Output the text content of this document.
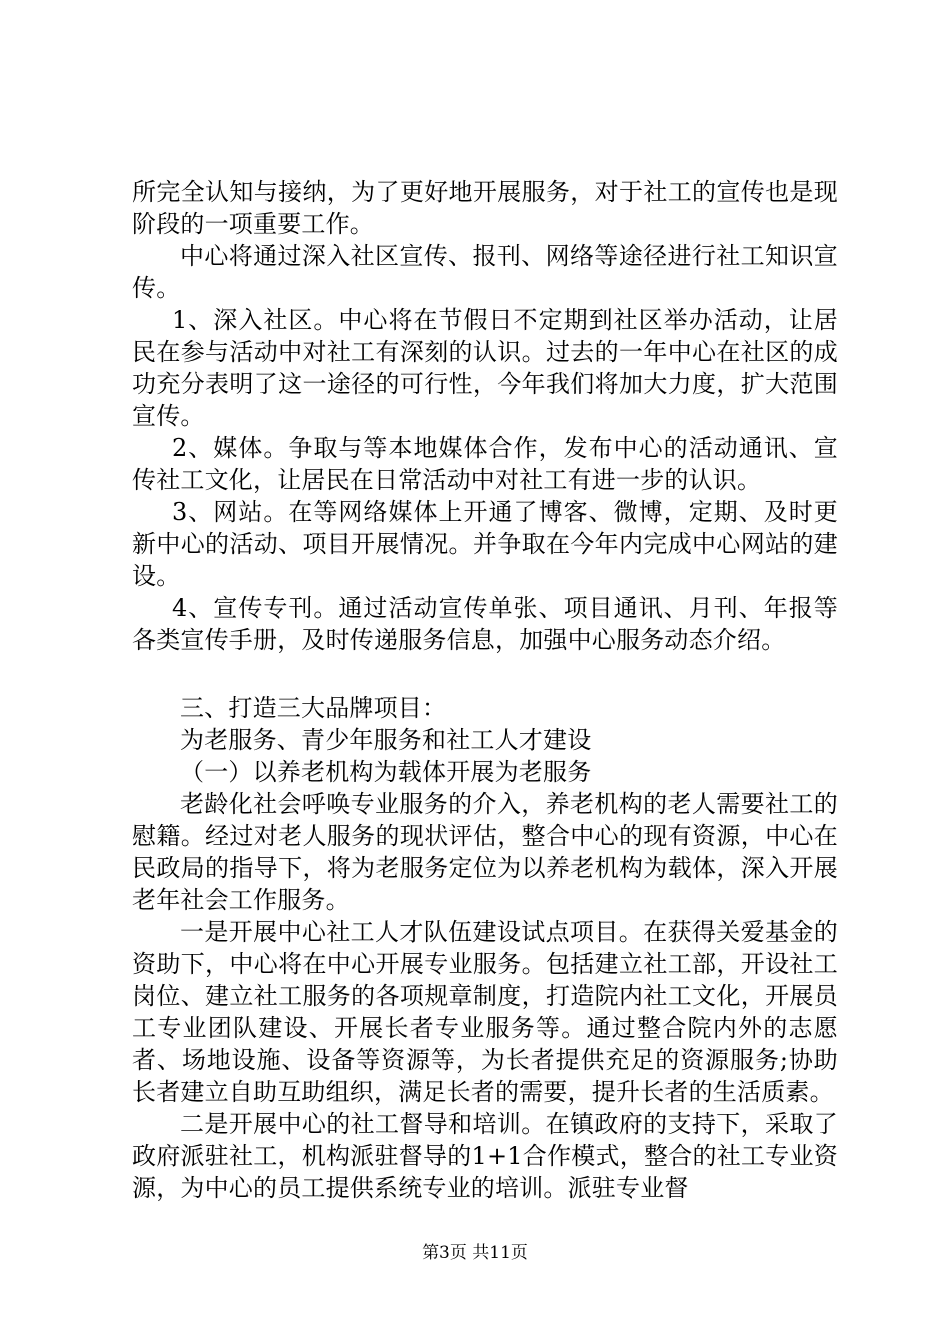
所完全认知与接纳，为了更好地开展服务，对于社工的宣传也是现阶段的一项重要工作。

中心将通过深入社区宣传、报刊、网络等途径进行社工知识宣传。

1、深入社区。中心将在节假日不定期到社区举办活动，让居民在参与活动中对社工有深刻的认识。过去的一年中心在社区的成功充分表明了这一途径的可行性，今年我们将加大力度，扩大范围宣传。

2、媒体。争取与等本地媒体合作，发布中心的活动通讯、宣传社工文化，让居民在日常活动中对社工有进一步的认识。

3、网站。在等网络媒体上开通了博客、微博，定期、及时更新中心的活动、项目开展情况。并争取在今年内完成中心网站的建设。

4、宣传专刊。通过活动宣传单张、项目通讯、月刊、年报等各类宣传手册，及时传递服务信息，加强中心服务动态介绍。

三、打造三大品牌项目：

为老服务、青少年服务和社工人才建设

（一）以养老机构为载体开展为老服务

老龄化社会呼唤专业服务的介入，养老机构的老人需要社工的慰籍。经过对老人服务的现状评估，整合中心的现有资源，中心在民政局的指导下，将为老服务定位为以养老机构为载体，深入开展老年社会工作服务。

一是开展中心社工人才队伍建设试点项目。在获得关爱基金的资助下，中心将在中心开展专业服务。包括建立社工部，开设社工岗位、建立社工服务的各项规章制度，打造院内社工文化，开展员工专业团队建设、开展长者专业服务等。通过整合院内外的志愿者、场地设施、设备等资源等，为长者提供充足的资源服务;协助长者建立自助互助组织，满足长者的需要，提升长者的生活质素。

二是开展中心的社工督导和培训。在镇政府的支持下，采取了政府派驻社工，机构派驻督导的1+1合作模式，整合的社工专业资源，为中心的员工提供系统专业的培训。派驻专业督

第3页 共11页
